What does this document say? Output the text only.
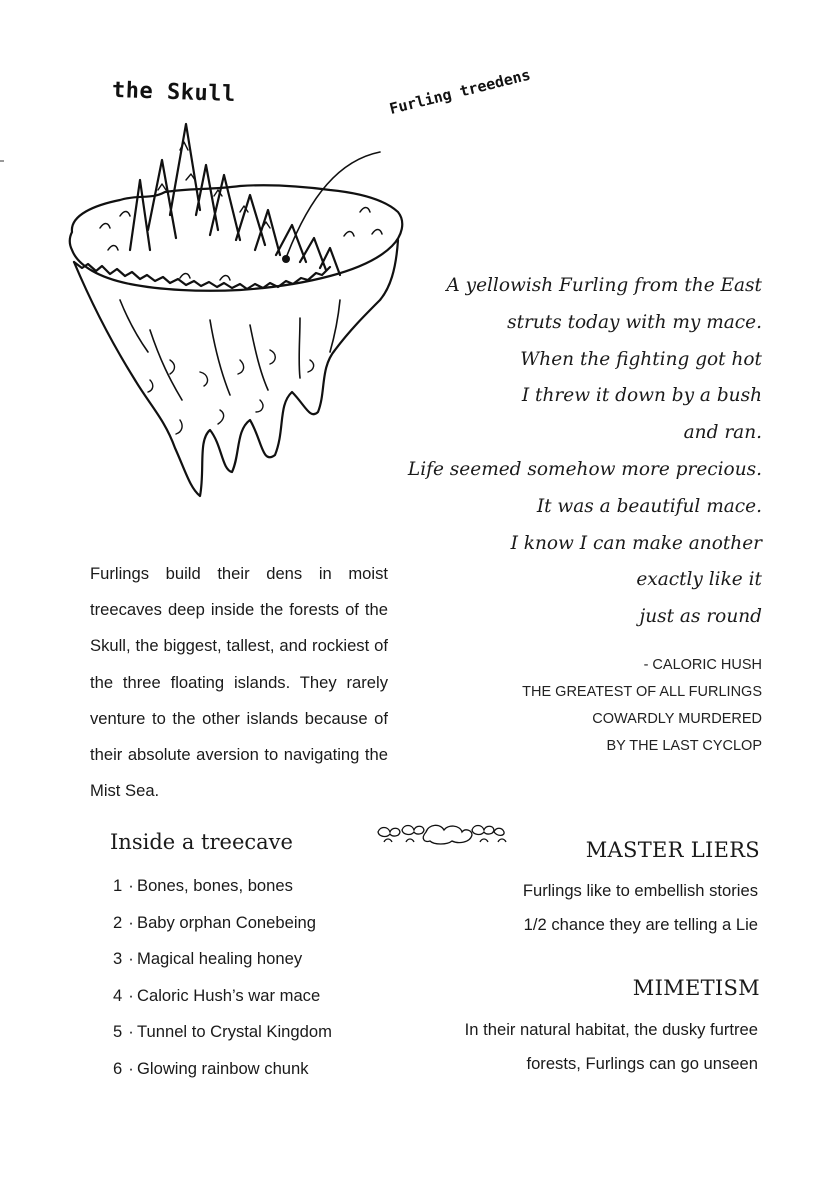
the Skull	Furling treedens
A yellowish Furling from the East
struts today with my mace.
When the fighting got hot
I threw it down by a bush
and ran.
Life seemed somehow more precious.
It was a beautiful mace.
I know I can make another
exactly like it
just as round
- CALORIC HUSH
THE GREATEST OF ALL FURLINGS
COWARDLY MURDERED
BY THE LAST CYCLOP
Furlings build their dens in moist treecaves deep inside the forests of the Skull, the biggest, tallest, and rockiest of the three floating islands. They rarely venture to the other islands because of their absolute aversion to navigating the Mist Sea.
Inside a treecave
1 · Bones, bones, bones
2 · Baby orphan Conebeing
3 · Magical healing honey
4 · Caloric Hush’s war mace
5 · Tunnel to Crystal Kingdom
6 · Glowing rainbow chunk
MASTER LIERS
Furlings like to embellish stories
1/2 chance they are telling a Lie
MIMETISM
In their natural habitat, the dusky furtree
forests, Furlings can go unseen
